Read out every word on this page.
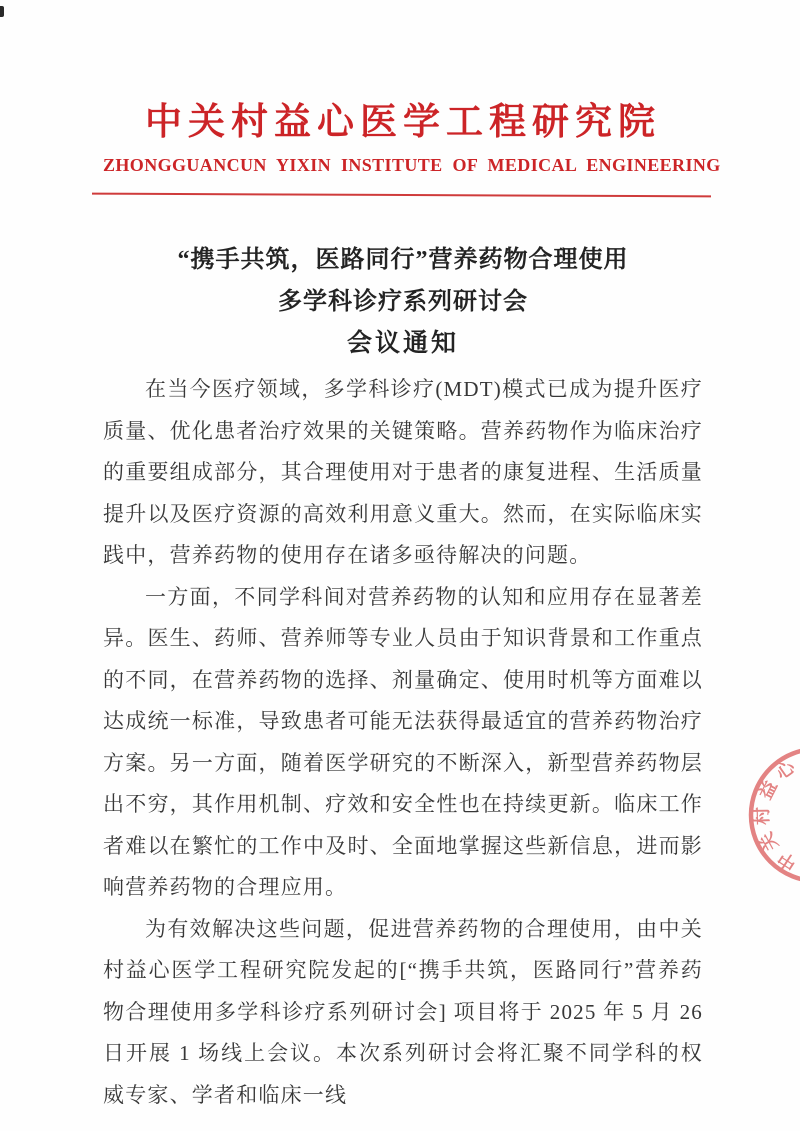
中关村益心医学工程研究院
ZHONGGUANCUN YIXIN INSTITUTE OF MEDICAL ENGINEERING
“携手共筑，医路同行”营养药物合理使用
多学科诊疗系列研讨会
会议通知

在当今医疗领域，多学科诊疗(MDT)模式已成为提升医疗质量、优化患者治疗效果的关键策略。营养药物作为临床治疗的重要组成部分，其合理使用对于患者的康复进程、生活质量提升以及医疗资源的高效利用意义重大。然而，在实际临床实践中，营养药物的使用存在诸多亟待解决的问题。

一方面，不同学科间对营养药物的认知和应用存在显著差异。医生、药师、营养师等专业人员由于知识背景和工作重点的不同，在营养药物的选择、剂量确定、使用时机等方面难以达成统一标准，导致患者可能无法获得最适宜的营养药物治疗方案。另一方面，随着医学研究的不断深入，新型营养药物层出不穷，其作用机制、疗效和安全性也在持续更新。临床工作者难以在繁忙的工作中及时、全面地掌握这些新信息，进而影响营养药物的合理应用。

为有效解决这些问题，促进营养药物的合理使用，由中关村益心医学工程研究院发起的[“携手共筑，医路同行”营养药物合理使用多学科诊疗系列研讨会] 项目将于 2025 年 5 月 26 日开展 1 场线上会议。本次系列研讨会将汇聚不同学科的权威专家、学者和临床一线

心
益
村
关
中
